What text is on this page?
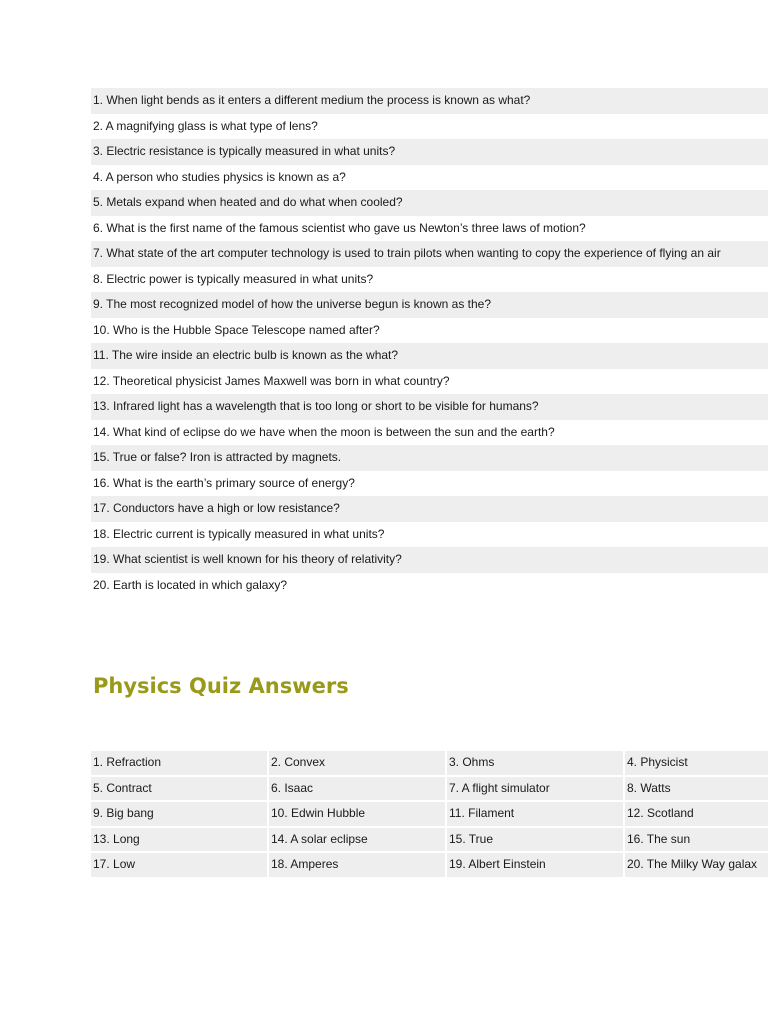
1. When light bends as it enters a different medium the process is known as what?
2. A magnifying glass is what type of lens?
3. Electric resistance is typically measured in what units?
4. A person who studies physics is known as a?
5. Metals expand when heated and do what when cooled?
6. What is the first name of the famous scientist who gave us Newton’s three laws of motion?
7. What state of the art computer technology is used to train pilots when wanting to copy the experience of flying an air
8. Electric power is typically measured in what units?
9. The most recognized model of how the universe begun is known as the?
10. Who is the Hubble Space Telescope named after?
11. The wire inside an electric bulb is known as the what?
12. Theoretical physicist James Maxwell was born in what country?
13. Infrared light has a wavelength that is too long or short to be visible for humans?
14. What kind of eclipse do we have when the moon is between the sun and the earth?
15. True or false? Iron is attracted by magnets.
16. What is the earth’s primary source of energy?
17. Conductors have a high or low resistance?
18. Electric current is typically measured in what units?
19. What scientist is well known for his theory of relativity?
20. Earth is located in which galaxy?
Physics Quiz Answers
1. Refraction	2. Convex	3. Ohms	4. Physicist
5. Contract	6. Isaac	7. A flight simulator	8. Watts
9. Big bang	10. Edwin Hubble	11. Filament	12. Scotland
13. Long	14. A solar eclipse	15. True	16. The sun
17. Low	18. Amperes	19. Albert Einstein	20. The Milky Way galax
